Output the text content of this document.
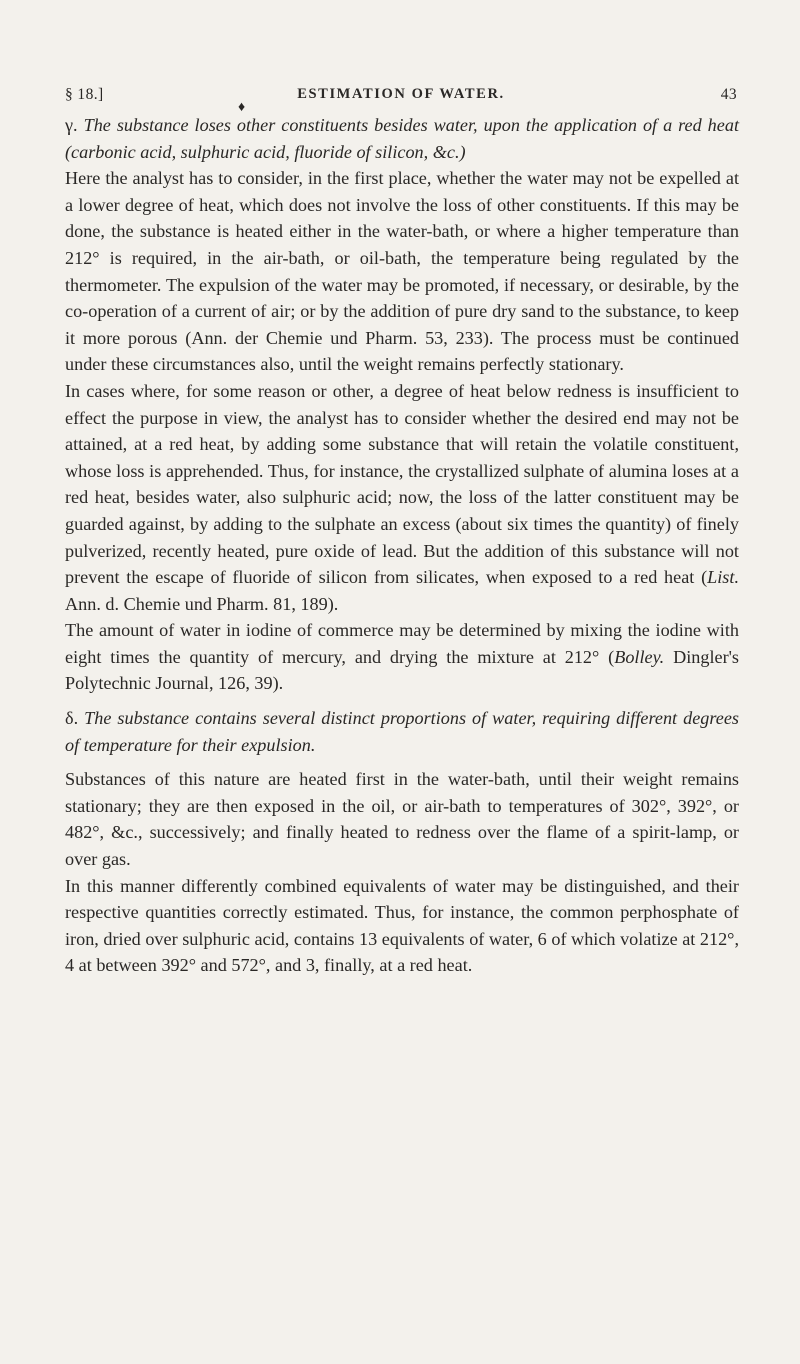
§ 18.]	ESTIMATION OF WATER.	43
♦

γ. The substance loses other constituents besides water, upon the application of a red heat (carbonic acid, sulphuric acid, fluoride of silicon, &c.)

Here the analyst has to consider, in the first place, whether the water may not be expelled at a lower degree of heat, which does not involve the loss of other constituents. If this may be done, the substance is heated either in the water-bath, or where a higher temperature than 212° is required, in the air-bath, or oil-bath, the temperature being regulated by the thermometer. The expulsion of the water may be promoted, if necessary, or desirable, by the co-operation of a current of air; or by the addition of pure dry sand to the substance, to keep it more porous (Ann. der Chemie und Pharm. 53, 233). The process must be continued under these circumstances also, until the weight remains perfectly stationary.

In cases where, for some reason or other, a degree of heat below redness is insufficient to effect the purpose in view, the analyst has to consider whether the desired end may not be attained, at a red heat, by adding some substance that will retain the volatile constituent, whose loss is apprehended. Thus, for instance, the crystallized sulphate of alumina loses at a red heat, besides water, also sulphuric acid; now, the loss of the latter constituent may be guarded against, by adding to the sulphate an excess (about six times the quantity) of finely pulverized, recently heated, pure oxide of lead. But the addition of this substance will not prevent the escape of fluoride of silicon from silicates, when exposed to a red heat (List. Ann. d. Chemie und Pharm. 81, 189).

The amount of water in iodine of commerce may be determined by mixing the iodine with eight times the quantity of mercury, and drying the mixture at 212° (Bolley. Dingler's Polytechnic Journal, 126, 39).

δ. The substance contains several distinct proportions of water, requiring different degrees of temperature for their expulsion.

Substances of this nature are heated first in the water-bath, until their weight remains stationary; they are then exposed in the oil, or air-bath to temperatures of 302°, 392°, or 482°, &c., successively; and finally heated to redness over the flame of a spirit-lamp, or over gas.

In this manner differently combined equivalents of water may be distinguished, and their respective quantities correctly estimated. Thus, for instance, the common perphosphate of iron, dried over sulphuric acid, contains 13 equivalents of water, 6 of which volatize at 212°, 4 at between 392° and 572°, and 3, finally, at a red heat.
